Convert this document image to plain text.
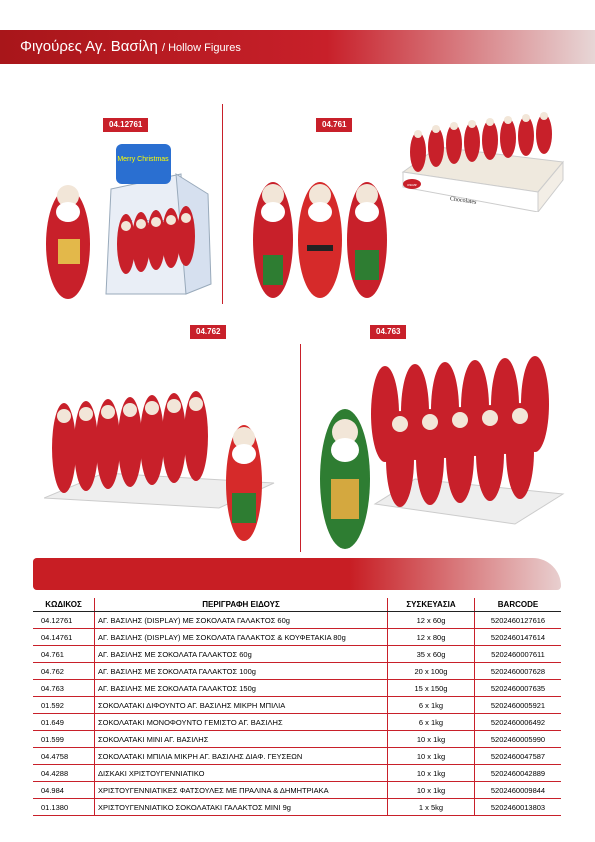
Φιγούρες Αγ. Βασίλη / Hollow Figures
04.12761
Merry Christmas
04.761
oscar
Chocolates
04.762	04.763
ΚΩΔΙΚΟΣ	ΠΕΡΙΓΡΑΦΗ ΕΙΔΟΥΣ	ΣΥΣΚΕΥΑΣΙΑ	BARCODE
04.12761	ΑΓ. ΒΑΣΙΛΗΣ (DISPLAY) ΜΕ ΣΟΚΟΛΑΤΑ ΓΑΛΑΚΤΟΣ 60g	12 x 60g	5202460127616
04.14761	ΑΓ. ΒΑΣΙΛΗΣ (DISPLAY) ΜΕ ΣΟΚΟΛΑΤΑ ΓΑΛΑΚΤΟΣ & ΚΟΥΦΕΤΑΚΙΑ 80g	12 x 80g	5202460147614
04.761	ΑΓ. ΒΑΣΙΛΗΣ ΜΕ ΣΟΚΟΛΑΤΑ ΓΑΛΑΚΤΟΣ 60g	35 x 60g	5202460007611
04.762	ΑΓ. ΒΑΣΙΛΗΣ ΜΕ ΣΟΚΟΛΑΤΑ ΓΑΛΑΚΤΟΣ 100g	20 x 100g	5202460007628
04.763	ΑΓ. ΒΑΣΙΛΗΣ ΜΕ ΣΟΚΟΛΑΤΑ ΓΑΛΑΚΤΟΣ 150g	15 x 150g	5202460007635
01.592	ΣΟΚΟΛΑΤΑΚΙ ΔΙΦΟΥΝΤΟ ΑΓ. ΒΑΣΙΛΗΣ ΜΙΚΡΗ ΜΠΙΛΙΑ	6 x 1kg	5202460005921
01.649	ΣΟΚΟΛΑΤΑΚΙ ΜΟΝΟΦΟΥΝΤΟ ΓΕΜΙΣΤΟ ΑΓ. ΒΑΣΙΛΗΣ	6 x 1kg	5202460006492
01.599	ΣΟΚΟΛΑΤΑΚΙ ΜΙΝΙ ΑΓ. ΒΑΣΙΛΗΣ	10 x 1kg	5202460005990
04.4758	ΣΟΚΟΛΑΤΑΚΙ ΜΠΙΛΙΑ ΜΙΚΡΗ ΑΓ. ΒΑΣΙΛΗΣ ΔΙΑΦ. ΓΕΥΣΕΩΝ	10 x 1kg	5202460047587
04.4288	ΔΙΣΚΑΚΙ ΧΡΙΣΤΟΥΓΕΝΝΙΑΤΙΚΟ	10 x 1kg	5202460042889
04.984	ΧΡΙΣΤΟΥΓΕΝΝΙΑΤΙΚΕΣ ΦΑΤΣΟΥΛΕΣ ΜΕ ΠΡΑΛΙΝΑ & ΔΗΜΗΤΡΙΑΚΑ	10 x 1kg	5202460009844
01.1380	ΧΡΙΣΤΟΥΓΕΝΝΙΑΤΙΚΟ ΣΟΚΟΛΑΤΑΚΙ ΓΑΛΑΚΤΟΣ ΜΙΝΙ 9g	1 x 5kg	5202460013803
